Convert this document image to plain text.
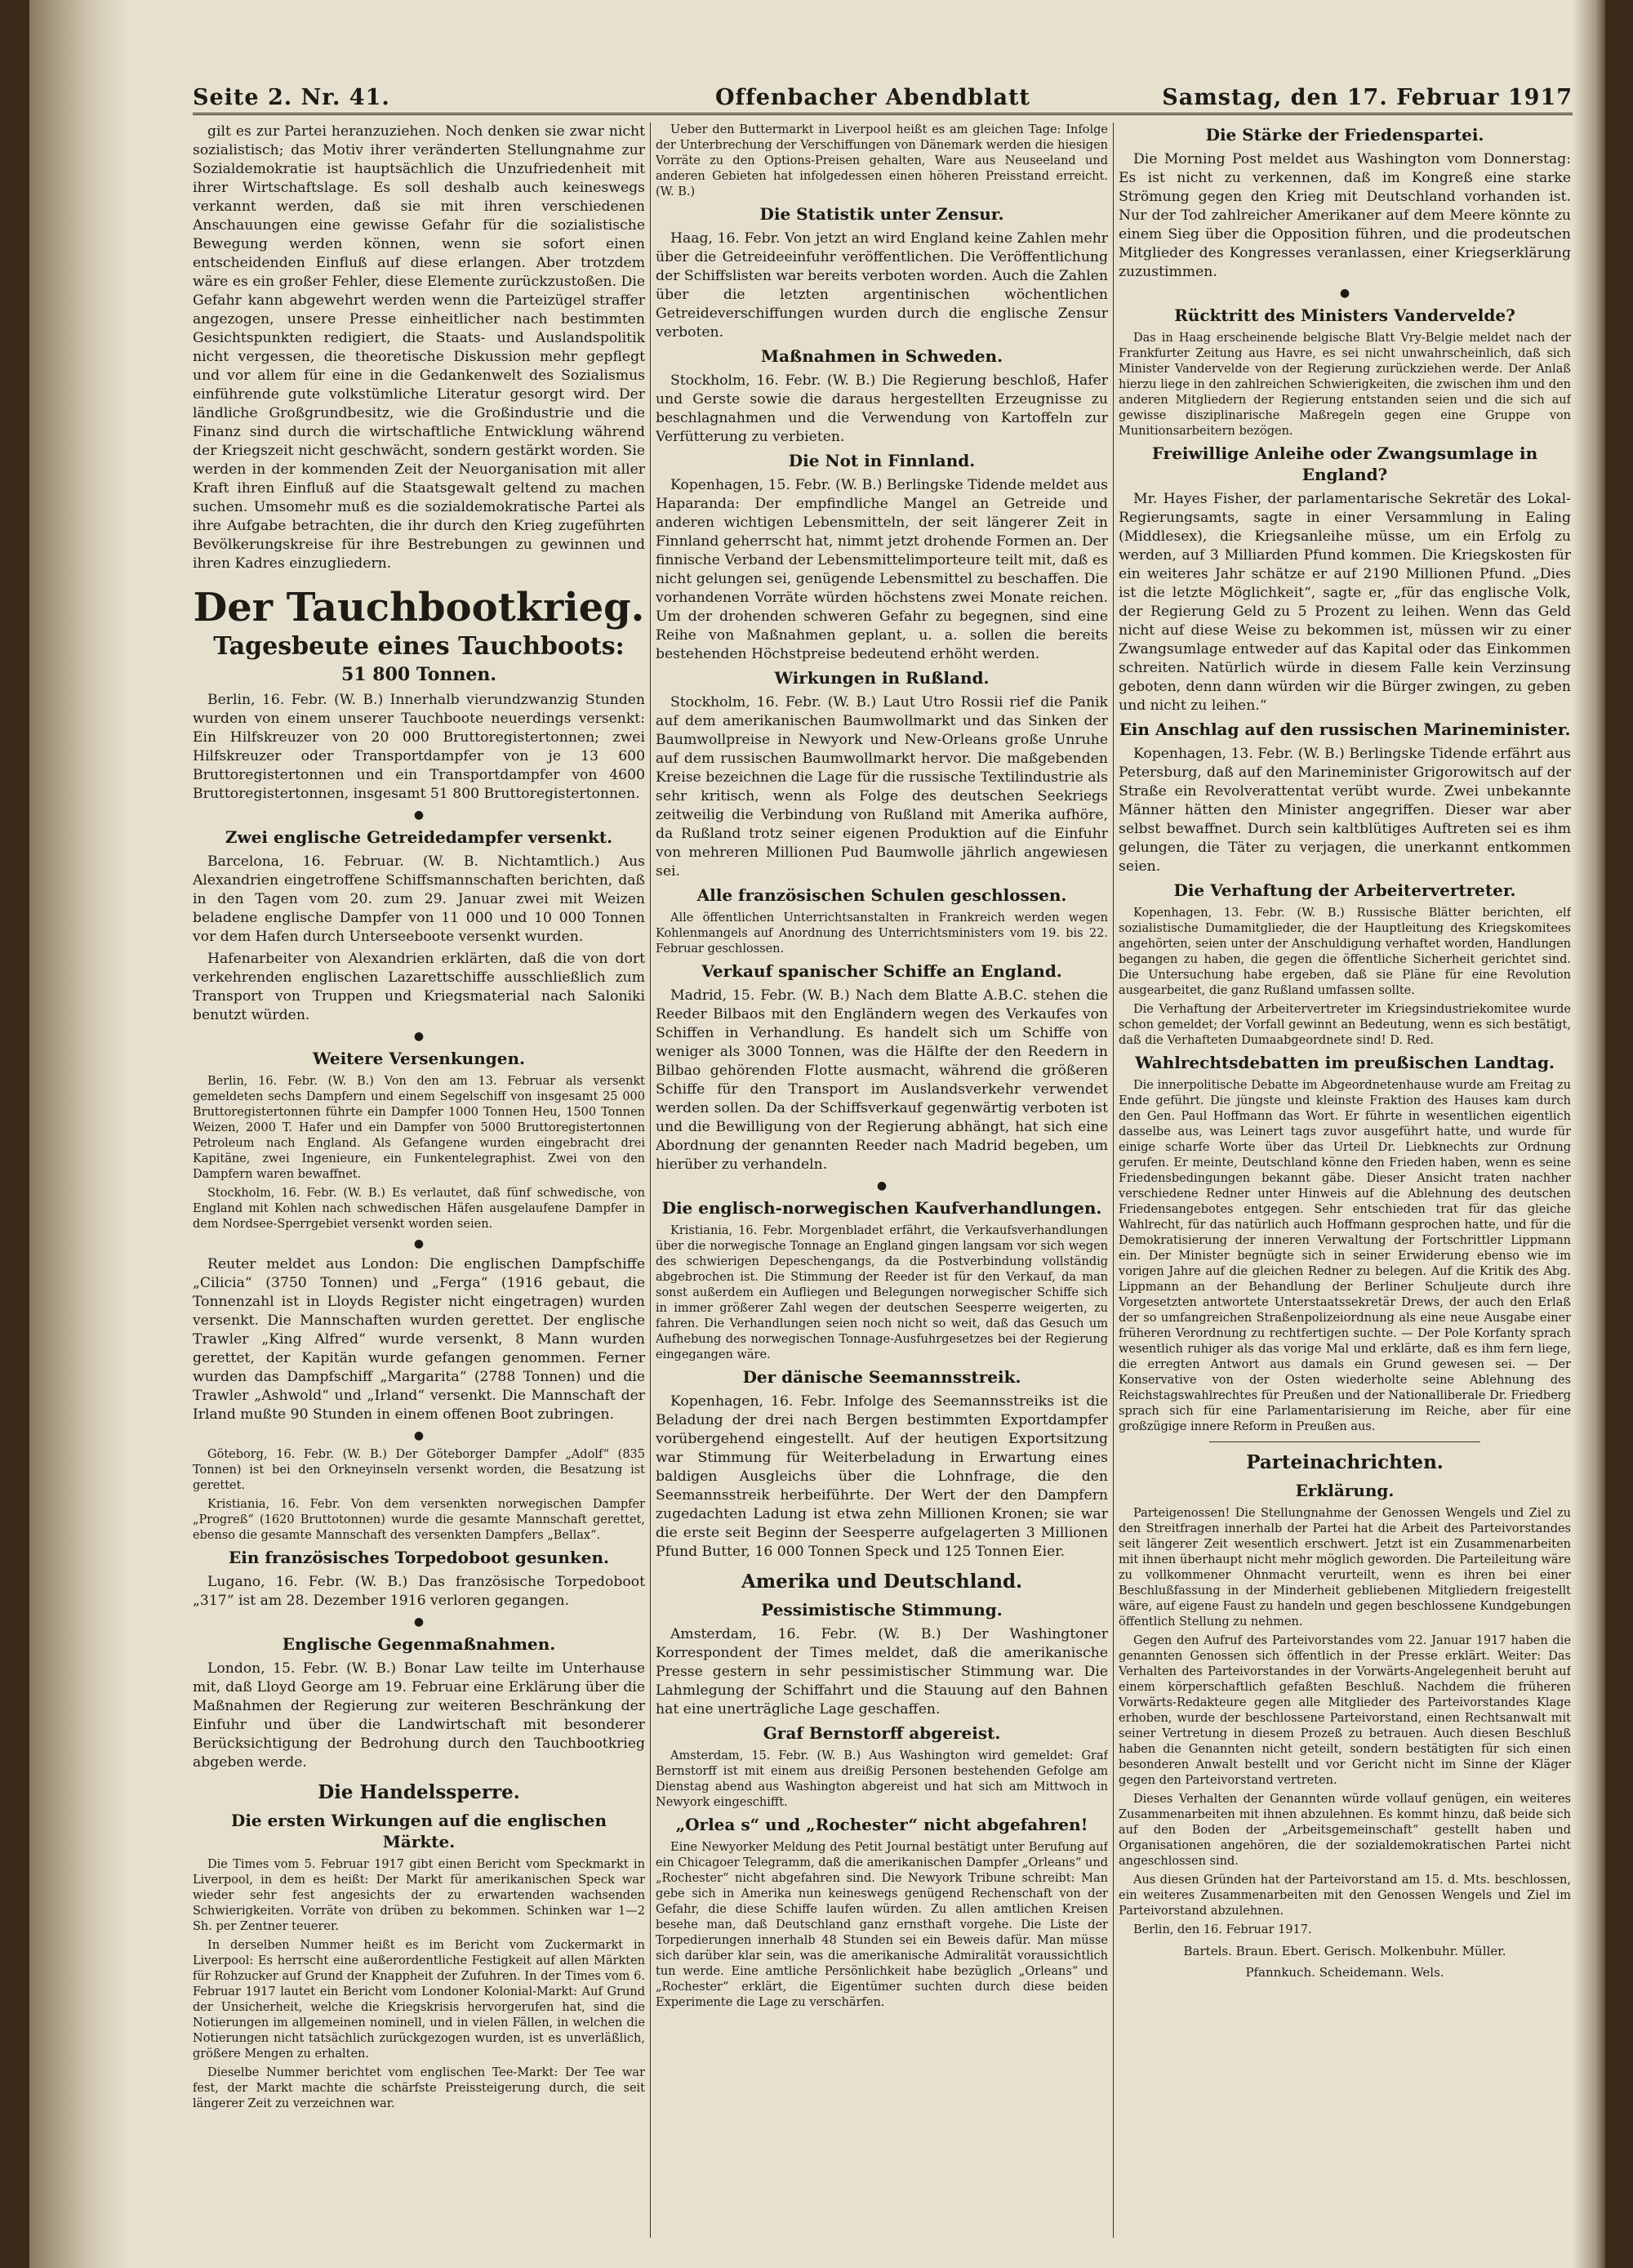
Seite 2. Nr. 41.	Offenbacher Abendblatt	Samstag, den 17. Februar 1917

gilt es zur Partei heranzuziehen. Noch denken sie zwar nicht sozialistisch; das Motiv ihrer veränderten Stellungnahme zur Sozialdemokratie ist hauptsächlich die Unzufriedenheit mit ihrer Wirtschaftslage. Es soll deshalb auch keineswegs verkannt werden, daß sie mit ihren verschiedenen Anschauungen eine gewisse Gefahr für die sozialistische Bewegung werden können, wenn sie sofort einen entscheidenden Einfluß auf diese erlangen. Aber trotzdem wäre es ein großer Fehler, diese Elemente zurückzustoßen. Die Gefahr kann abgewehrt werden wenn die Parteizügel straffer angezogen, unsere Presse einheitlicher nach bestimmten Gesichtspunkten redigiert, die Staats- und Auslandspolitik nicht vergessen, die theoretische Diskussion mehr gepflegt und vor allem für eine in die Gedankenwelt des Sozialismus einführende gute volkstümliche Literatur gesorgt wird. Der ländliche Großgrundbesitz, wie die Großindustrie und die Finanz sind durch die wirtschaftliche Entwicklung während der Kriegszeit nicht geschwächt, sondern gestärkt worden. Sie werden in der kommenden Zeit der Neuorganisation mit aller Kraft ihren Einfluß auf die Staatsgewalt geltend zu machen suchen. Umsomehr muß es die sozialdemokratische Partei als ihre Aufgabe betrachten, die ihr durch den Krieg zugeführten Bevölkerungskreise für ihre Bestrebungen zu gewinnen und ihren Kadres einzugliedern.

Der Tauchbootkrieg.
Tagesbeute eines Tauchboots:
51 800 Tonnen.

Berlin, 16. Febr. (W. B.) Innerhalb vierundzwanzig Stunden wurden von einem unserer Tauchboote neuerdings versenkt: Ein Hilfskreuzer von 20 000 Bruttoregistertonnen; zwei Hilfskreuzer oder Transportdampfer von je 13 600 Bruttoregistertonnen und ein Transportdampfer von 4600 Bruttoregistertonnen, insgesamt 51 800 Bruttoregistertonnen.

●
Zwei englische Getreidedampfer versenkt.

Barcelona, 16. Februar. (W. B. Nichtamtlich.) Aus Alexandrien eingetroffene Schiffsmannschaften berichten, daß in den Tagen vom 20. zum 29. Januar zwei mit Weizen beladene englische Dampfer von 11 000 und 10 000 Tonnen vor dem Hafen durch Unterseeboote versenkt wurden.

Hafenarbeiter von Alexandrien erklärten, daß die von dort verkehrenden englischen Lazarettschiffe ausschließlich zum Transport von Truppen und Kriegsmaterial nach Saloniki benutzt würden.

●
Weitere Versenkungen.

Berlin, 16. Febr. (W. B.) Von den am 13. Februar als versenkt gemeldeten sechs Dampfern und einem Segelschiff von insgesamt 25 000 Bruttoregistertonnen führte ein Dampfer 1000 Tonnen Heu, 1500 Tonnen Weizen, 2000 T. Hafer und ein Dampfer von 5000 Bruttoregistertonnen Petroleum nach England. Als Gefangene wurden eingebracht drei Kapitäne, zwei Ingenieure, ein Funkentelegraphist. Zwei von den Dampfern waren bewaffnet.

Stockholm, 16. Febr. (W. B.) Es verlautet, daß fünf schwedische, von England mit Kohlen nach schwedischen Häfen ausgelaufene Dampfer in dem Nordsee-Sperrgebiet versenkt worden seien.

●

Reuter meldet aus London: Die englischen Dampfschiffe „Cilicia“ (3750 Tonnen) und „Ferga“ (1916 gebaut, die Tonnenzahl ist in Lloyds Register nicht eingetragen) wurden versenkt. Die Mannschaften wurden gerettet. Der englische Trawler „King Alfred“ wurde versenkt, 8 Mann wurden gerettet, der Kapitän wurde gefangen genommen. Ferner wurden das Dampfschiff „Margarita“ (2788 Tonnen) und die Trawler „Ashwold“ und „Irland“ versenkt. Die Mannschaft der Irland mußte 90 Stunden in einem offenen Boot zubringen.

●

Göteborg, 16. Febr. (W. B.) Der Göteborger Dampfer „Adolf“ (835 Tonnen) ist bei den Orkneyinseln versenkt worden, die Besatzung ist gerettet.

Kristiania, 16. Febr. Von dem versenkten norwegischen Dampfer „Progreß“ (1620 Bruttotonnen) wurde die gesamte Mannschaft gerettet, ebenso die gesamte Mannschaft des versenkten Dampfers „Bellax“.

Ein französisches Torpedoboot gesunken.

Lugano, 16. Febr. (W. B.) Das französische Torpedoboot „317“ ist am 28. Dezember 1916 verloren gegangen.

●
Englische Gegenmaßnahmen.

London, 15. Febr. (W. B.) Bonar Law teilte im Unterhause mit, daß Lloyd George am 19. Februar eine Erklärung über die Maßnahmen der Regierung zur weiteren Beschränkung der Einfuhr und über die Landwirtschaft mit besonderer Berücksichtigung der Bedrohung durch den Tauchbootkrieg abgeben werde.

Die Handelssperre.
Die ersten Wirkungen auf die englischen Märkte.

Die Times vom 5. Februar 1917 gibt einen Bericht vom Speckmarkt in Liverpool, in dem es heißt: Der Markt für amerikanischen Speck war wieder sehr fest angesichts der zu erwartenden wachsenden Schwierigkeiten. Vorräte von drüben zu bekommen. Schinken war 1—2 Sh. per Zentner teuerer.

In derselben Nummer heißt es im Bericht vom Zuckermarkt in Liverpool: Es herrscht eine außerordentliche Festigkeit auf allen Märkten für Rohzucker auf Grund der Knappheit der Zufuhren. In der Times vom 6. Februar 1917 lautet ein Bericht vom Londoner Kolonial-Markt: Auf Grund der Unsicherheit, welche die Kriegskrisis hervorgerufen hat, sind die Notierungen im allgemeinen nominell, und in vielen Fällen, in welchen die Notierungen nicht tatsächlich zurückgezogen wurden, ist es unverläßlich, größere Mengen zu erhalten.

Dieselbe Nummer berichtet vom englischen Tee-Markt: Der Tee war fest, der Markt machte die schärfste Preissteigerung durch, die seit längerer Zeit zu verzeichnen war.

Ueber den Buttermarkt in Liverpool heißt es am gleichen Tage: Infolge der Unterbrechung der Verschiffungen von Dänemark werden die hiesigen Vorräte zu den Options-Preisen gehalten, Ware aus Neuseeland und anderen Gebieten hat infolgedessen einen höheren Preisstand erreicht. (W. B.)

Die Statistik unter Zensur.

Haag, 16. Febr. Von jetzt an wird England keine Zahlen mehr über die Getreideeinfuhr veröffentlichen. Die Veröffentlichung der Schiffslisten war bereits verboten worden. Auch die Zahlen über die letzten argentinischen wöchentlichen Getreideverschiffungen wurden durch die englische Zensur verboten.

Maßnahmen in Schweden.

Stockholm, 16. Febr. (W. B.) Die Regierung beschloß, Hafer und Gerste sowie die daraus hergestellten Erzeugnisse zu beschlagnahmen und die Verwendung von Kartoffeln zur Verfütterung zu verbieten.

Die Not in Finnland.

Kopenhagen, 15. Febr. (W. B.) Berlingske Tidende meldet aus Haparanda: Der empfindliche Mangel an Getreide und anderen wichtigen Lebensmitteln, der seit längerer Zeit in Finnland geherrscht hat, nimmt jetzt drohende Formen an. Der finnische Verband der Lebensmittelimporteure teilt mit, daß es nicht gelungen sei, genügende Lebensmittel zu beschaffen. Die vorhandenen Vorräte würden höchstens zwei Monate reichen. Um der drohenden schweren Gefahr zu begegnen, sind eine Reihe von Maßnahmen geplant, u. a. sollen die bereits bestehenden Höchstpreise bedeutend erhöht werden.

Wirkungen in Rußland.

Stockholm, 16. Febr. (W. B.) Laut Utro Rossii rief die Panik auf dem amerikanischen Baumwollmarkt und das Sinken der Baumwollpreise in Newyork und New-Orleans große Unruhe auf dem russischen Baumwollmarkt hervor. Die maßgebenden Kreise bezeichnen die Lage für die russische Textilindustrie als sehr kritisch, wenn als Folge des deutschen Seekriegs zeitweilig die Verbindung von Rußland mit Amerika aufhöre, da Rußland trotz seiner eigenen Produktion auf die Einfuhr von mehreren Millionen Pud Baumwolle jährlich angewiesen sei.

Alle französischen Schulen geschlossen.

Alle öffentlichen Unterrichtsanstalten in Frankreich werden wegen Kohlenmangels auf Anordnung des Unterrichtsministers vom 19. bis 22. Februar geschlossen.

Verkauf spanischer Schiffe an England.

Madrid, 15. Febr. (W. B.) Nach dem Blatte A.B.C. stehen die Reeder Bilbaos mit den Engländern wegen des Verkaufes von Schiffen in Verhandlung. Es handelt sich um Schiffe von weniger als 3000 Tonnen, was die Hälfte der den Reedern in Bilbao gehörenden Flotte ausmacht, während die größeren Schiffe für den Transport im Auslandsverkehr verwendet werden sollen. Da der Schiffsverkauf gegenwärtig verboten ist und die Bewilligung von der Regierung abhängt, hat sich eine Abordnung der genannten Reeder nach Madrid begeben, um hierüber zu verhandeln.

●
Die englisch-norwegischen Kaufverhandlungen.

Kristiania, 16. Febr. Morgenbladet erfährt, die Verkaufsverhandlungen über die norwegische Tonnage an England gingen langsam vor sich wegen des schwierigen Depeschengangs, da die Postverbindung vollständig abgebrochen ist. Die Stimmung der Reeder ist für den Verkauf, da man sonst außerdem ein Aufliegen und Belegungen norwegischer Schiffe sich in immer größerer Zahl wegen der deutschen Seesperre weigerten, zu fahren. Die Verhandlungen seien noch nicht so weit, daß das Gesuch um Aufhebung des norwegischen Tonnage-Ausfuhrgesetzes bei der Regierung eingegangen wäre.

Der dänische Seemannsstreik.

Kopenhagen, 16. Febr. Infolge des Seemannsstreiks ist die Beladung der drei nach Bergen bestimmten Exportdampfer vorübergehend eingestellt. Auf der heutigen Exportsitzung war Stimmung für Weiterbeladung in Erwartung eines baldigen Ausgleichs über die Lohnfrage, die den Seemannsstreik herbeiführte. Der Wert der den Dampfern zugedachten Ladung ist etwa zehn Millionen Kronen; sie war die erste seit Beginn der Seesperre aufgelagerten 3 Millionen Pfund Butter, 16 000 Tonnen Speck und 125 Tonnen Eier.

Amerika und Deutschland.
Pessimistische Stimmung.

Amsterdam, 16. Febr. (W. B.) Der Washingtoner Korrespondent der Times meldet, daß die amerikanische Presse gestern in sehr pessimistischer Stimmung war. Die Lahmlegung der Schiffahrt und die Stauung auf den Bahnen hat eine unerträgliche Lage geschaffen.

Graf Bernstorff abgereist.

Amsterdam, 15. Febr. (W. B.) Aus Washington wird gemeldet: Graf Bernstorff ist mit einem aus dreißig Personen bestehenden Gefolge am Dienstag abend aus Washington abgereist und hat sich am Mittwoch in Newyork eingeschifft.

„Orlea s“ und „Rochester“ nicht abgefahren!

Eine Newyorker Meldung des Petit Journal bestätigt unter Berufung auf ein Chicagoer Telegramm, daß die amerikanischen Dampfer „Orleans“ und „Rochester“ nicht abgefahren sind. Die Newyork Tribune schreibt: Man gebe sich in Amerika nun keineswegs genügend Rechenschaft von der Gefahr, die diese Schiffe laufen würden. Zu allen amtlichen Kreisen besehe man, daß Deutschland ganz ernsthaft vorgehe. Die Liste der Torpedierungen innerhalb 48 Stunden sei ein Beweis dafür. Man müsse sich darüber klar sein, was die amerikanische Admiralität voraussichtlich tun werde. Eine amtliche Persönlichkeit habe bezüglich „Orleans“ und „Rochester“ erklärt, die Eigentümer suchten durch diese beiden Experimente die Lage zu verschärfen.

Die Stärke der Friedenspartei.

Die Morning Post meldet aus Washington vom Donnerstag: Es ist nicht zu verkennen, daß im Kongreß eine starke Strömung gegen den Krieg mit Deutschland vorhanden ist. Nur der Tod zahlreicher Amerikaner auf dem Meere könnte zu einem Sieg über die Opposition führen, und die prodeutschen Mitglieder des Kongresses veranlassen, einer Kriegserklärung zuzustimmen.

●
Rücktritt des Ministers Vandervelde?

Das in Haag erscheinende belgische Blatt Vry-Belgie meldet nach der Frankfurter Zeitung aus Havre, es sei nicht unwahrscheinlich, daß sich Minister Vandervelde von der Regierung zurückziehen werde. Der Anlaß hierzu liege in den zahlreichen Schwierigkeiten, die zwischen ihm und den anderen Mitgliedern der Regierung entstanden seien und die sich auf gewisse disziplinarische Maßregeln gegen eine Gruppe von Munitionsarbeitern bezögen.

Freiwillige Anleihe oder Zwangsumlage in England?

Mr. Hayes Fisher, der parlamentarische Sekretär des Lokal-Regierungsamts, sagte in einer Versammlung in Ealing (Middlesex), die Kriegsanleihe müsse, um ein Erfolg zu werden, auf 3 Milliarden Pfund kommen. Die Kriegskosten für ein weiteres Jahr schätze er auf 2190 Millionen Pfund. „Dies ist die letzte Möglichkeit“, sagte er, „für das englische Volk, der Regierung Geld zu 5 Prozent zu leihen. Wenn das Geld nicht auf diese Weise zu bekommen ist, müssen wir zu einer Zwangsumlage entweder auf das Kapital oder das Einkommen schreiten. Natürlich würde in diesem Falle kein Verzinsung geboten, denn dann würden wir die Bürger zwingen, zu geben und nicht zu leihen.“

Ein Anschlag auf den russischen Marineminister.

Kopenhagen, 13. Febr. (W. B.) Berlingske Tidende erfährt aus Petersburg, daß auf den Marineminister Grigorowitsch auf der Straße ein Revolverattentat verübt wurde. Zwei unbekannte Männer hätten den Minister angegriffen. Dieser war aber selbst bewaffnet. Durch sein kaltblütiges Auftreten sei es ihm gelungen, die Täter zu verjagen, die unerkannt entkommen seien.

Die Verhaftung der Arbeitervertreter.

Kopenhagen, 13. Febr. (W. B.) Russische Blätter berichten, elf sozialistische Dumamitglieder, die der Hauptleitung des Kriegskomitees angehörten, seien unter der Anschuldigung verhaftet worden, Handlungen begangen zu haben, die gegen die öffentliche Sicherheit gerichtet sind. Die Untersuchung habe ergeben, daß sie Pläne für eine Revolution ausgearbeitet, die ganz Rußland umfassen sollte.

Die Verhaftung der Arbeitervertreter im Kriegsindustriekomitee wurde schon gemeldet; der Vorfall gewinnt an Bedeutung, wenn es sich bestätigt, daß die Verhafteten Dumaabgeordnete sind! D. Red.

Wahlrechtsdebatten im preußischen Landtag.

Die innerpolitische Debatte im Abgeordnetenhause wurde am Freitag zu Ende geführt. Die jüngste und kleinste Fraktion des Hauses kam durch den Gen. Paul Hoffmann das Wort. Er führte in wesentlichen eigentlich dasselbe aus, was Leinert tags zuvor ausgeführt hatte, und wurde für einige scharfe Worte über das Urteil Dr. Liebknechts zur Ordnung gerufen. Er meinte, Deutschland könne den Frieden haben, wenn es seine Friedensbedingungen bekannt gäbe. Dieser Ansicht traten nachher verschiedene Redner unter Hinweis auf die Ablehnung des deutschen Friedensangebotes entgegen. Sehr entschieden trat für das gleiche Wahlrecht, für das natürlich auch Hoffmann gesprochen hatte, und für die Demokratisierung der inneren Verwaltung der Fortschrittler Lippmann ein. Der Minister begnügte sich in seiner Erwiderung ebenso wie im vorigen Jahre auf die gleichen Redner zu belegen. Auf die Kritik des Abg. Lippmann an der Behandlung der Berliner Schuljeute durch ihre Vorgesetzten antwortete Unterstaatssekretär Drews, der auch den Erlaß der so umfangreichen Straßenpolizeiordnung als eine neue Ausgabe einer früheren Verordnung zu rechtfertigen suchte. — Der Pole Korfanty sprach wesentlich ruhiger als das vorige Mal und erklärte, daß es ihm fern liege, die erregten Antwort aus damals ein Grund gewesen sei. — Der Konservative von der Osten wiederholte seine Ablehnung des Reichstagswahlrechtes für Preußen und der Nationalliberale Dr. Friedberg sprach sich für eine Parlamentarisierung im Reiche, aber für eine großzügige innere Reform in Preußen aus.

Parteinachrichten.
Erklärung.

Parteigenossen! Die Stellungnahme der Genossen Wengels und Ziel zu den Streitfragen innerhalb der Partei hat die Arbeit des Parteivorstandes seit längerer Zeit wesentlich erschwert. Jetzt ist ein Zusammenarbeiten mit ihnen überhaupt nicht mehr möglich geworden. Die Parteileitung wäre zu vollkommener Ohnmacht verurteilt, wenn es ihren bei einer Beschlußfassung in der Minderheit gebliebenen Mitgliedern freigestellt wäre, auf eigene Faust zu handeln und gegen beschlossene Kundgebungen öffentlich Stellung zu nehmen.

Gegen den Aufruf des Parteivorstandes vom 22. Januar 1917 haben die genannten Genossen sich öffentlich in der Presse erklärt. Weiter: Das Verhalten des Parteivorstandes in der Vorwärts-Angelegenheit beruht auf einem körperschaftlich gefaßten Beschluß. Nachdem die früheren Vorwärts-Redakteure gegen alle Mitglieder des Parteivorstandes Klage erhoben, wurde der beschlossene Parteivorstand, einen Rechtsanwalt mit seiner Vertretung in diesem Prozeß zu betrauen. Auch diesen Beschluß haben die Genannten nicht geteilt, sondern bestätigten für sich einen besonderen Anwalt bestellt und vor Gericht nicht im Sinne der Kläger gegen den Parteivorstand vertreten.

Dieses Verhalten der Genannten würde vollauf genügen, ein weiteres Zusammenarbeiten mit ihnen abzulehnen. Es kommt hinzu, daß beide sich auf den Boden der „Arbeitsgemeinschaft“ gestellt haben und Organisationen angehören, die der sozialdemokratischen Partei nicht angeschlossen sind.

Aus diesen Gründen hat der Parteivorstand am 15. d. Mts. beschlossen, ein weiteres Zusammenarbeiten mit den Genossen Wengels und Ziel im Parteivorstand abzulehnen.

Berlin, den 16. Februar 1917.

Bartels. Braun. Ebert. Gerisch. Molkenbuhr. Müller.
Pfannkuch. Scheidemann. Wels.
